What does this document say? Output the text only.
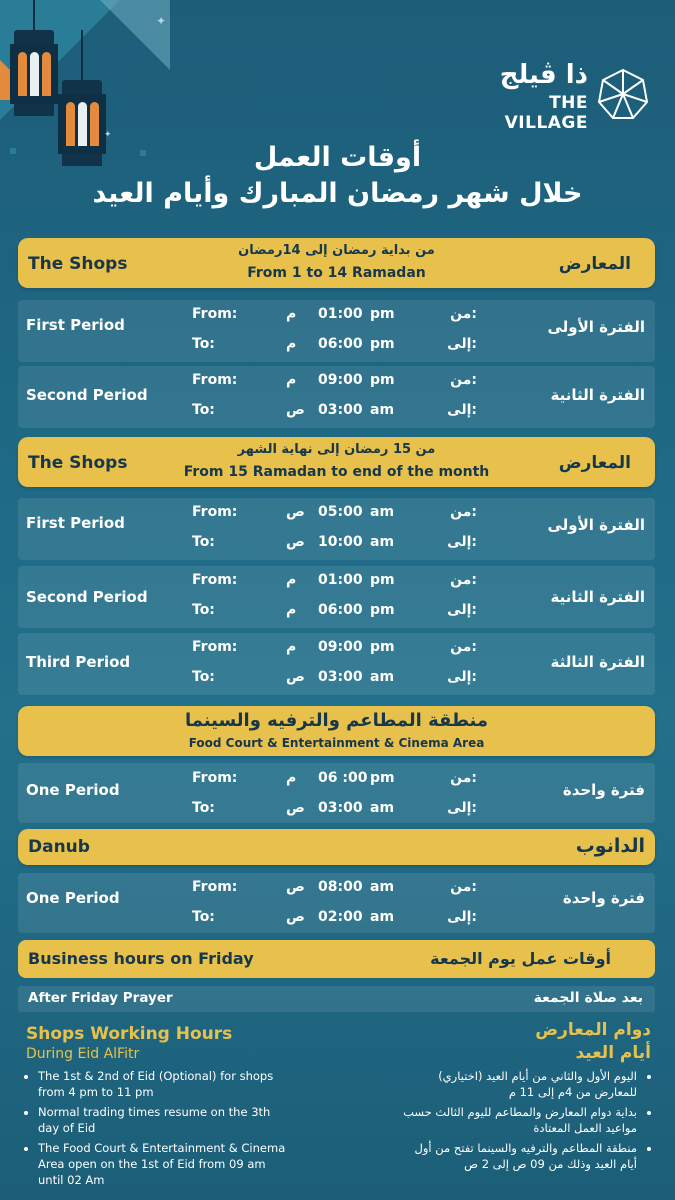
✦
✦
ذا ڤيلج
THE VILLAGE
أوقات العمل
خلال شهر رمضان المبارك وأيام العيد
The Shops
من بداية رمضان إلى 14رمضان
From 1 to 14 Ramadan	المعارض
First Period
From:	م 01:00 pm	من:
To:	م 06:00 pm	إلى:
الفترة الأولى
Second Period
From:	م 09:00 pm	من:
To:	ص 03:00 am	إلى:
الفترة الثانية
The Shops
من 15 رمضان إلى نهاية الشهر
From 15 Ramadan to end of the month	المعارض
First Period
From:	ص 05:00 am	من:
To:	ص 10:00 am	إلى:
الفترة الأولى
Second Period
From:	م 01:00 pm	من:
To:	م 06:00 pm	إلى:
الفترة الثانية
Third Period
From:	م 09:00 pm	من:
To:	ص 03:00 am	إلى:
الفترة الثالثة
منطقة المطاعم والترفيه والسينما
Food Court & Entertainment & Cinema Area
One Period
From:	م 06 :00 pm	من:
To:	ص 03:00 am	إلى:
فترة واحدة
Danub	الدانوب
One Period
From:	ص 08:00 am	من:
To:	ص 02:00 am	إلى:
فترة واحدة
Business hours on Friday	أوقات عمل يوم الجمعة
After Friday Prayer	بعد صلاة الجمعة
Shops Working Hours
During Eid AlFitr
دوام المعارض
أيام العيد
• The 1st & 2nd of Eid (Optional) for shops from 4 pm to 11 pm
• Normal trading times resume on the 3th day of Eid
• The Food Court & Entertainment & Cinema Area open on the 1st of Eid from 09 am until 02 Am
• اليوم الأول والثاني من أيام العيد (اختياري) للمعارض من 4م إلى 11 م
• بداية دوام المعارض والمطاعم لليوم الثالث حسب مواعيد العمل المعتادة
• منطقة المطاعم والترفيه والسينما تفتح من أول أيام العيد وذلك من 09 ص إلى 2 ص
